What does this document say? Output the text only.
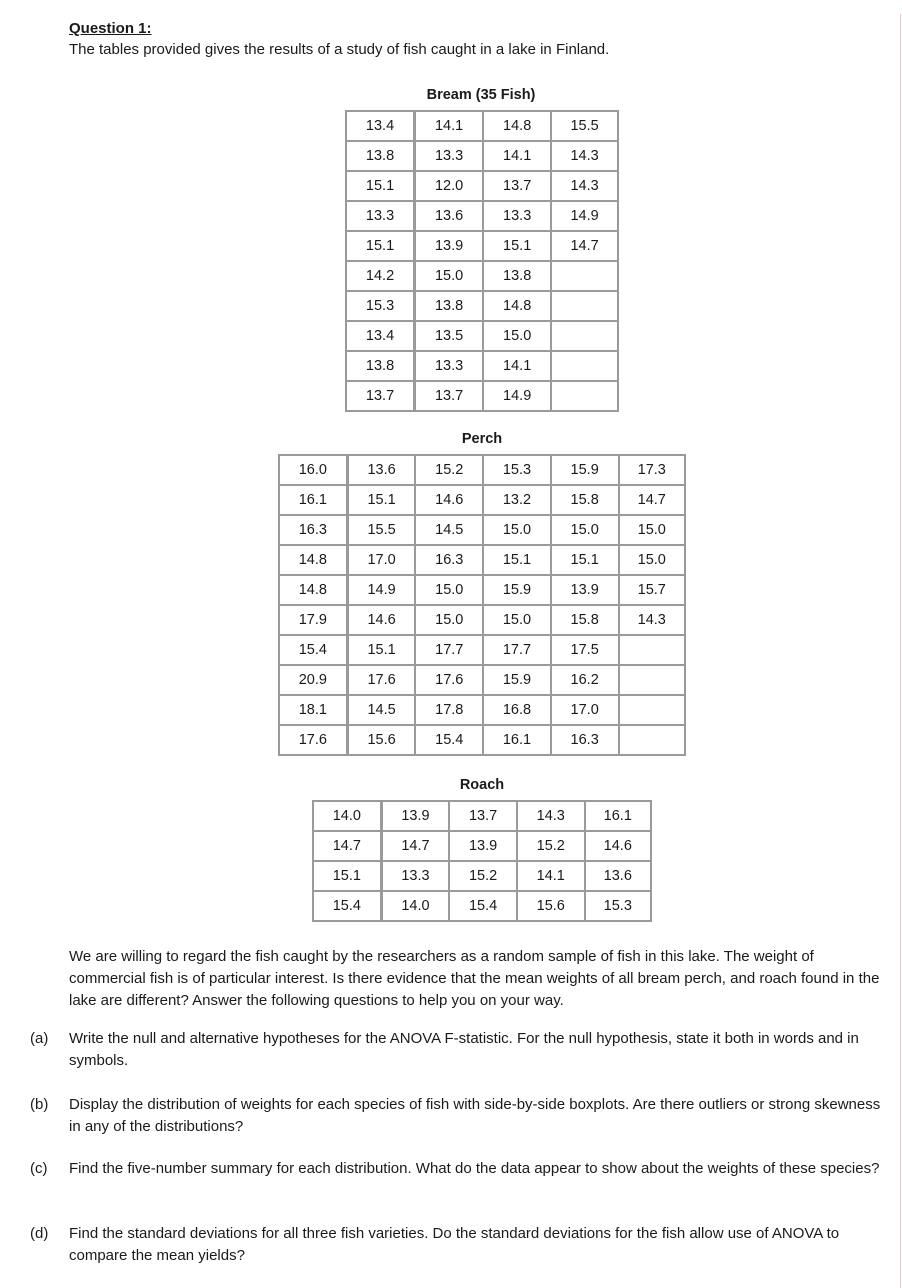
Question 1:
The tables provided gives the results of a study of fish caught in a lake in Finland.
Bream (35 Fish)
13.4	14.1	14.8	15.5
13.8	13.3	14.1	14.3
15.1	12.0	13.7	14.3
13.3	13.6	13.3	14.9
15.1	13.9	15.1	14.7
14.2	15.0	13.8	
15.3	13.8	14.8	
13.4	13.5	15.0	
13.8	13.3	14.1	
13.7	13.7	14.9	
Perch
16.0	13.6	15.2	15.3	15.9	17.3
16.1	15.1	14.6	13.2	15.8	14.7
16.3	15.5	14.5	15.0	15.0	15.0
14.8	17.0	16.3	15.1	15.1	15.0
14.8	14.9	15.0	15.9	13.9	15.7
17.9	14.6	15.0	15.0	15.8	14.3
15.4	15.1	17.7	17.7	17.5	
20.9	17.6	17.6	15.9	16.2	
18.1	14.5	17.8	16.8	17.0	
17.6	15.6	15.4	16.1	16.3	
Roach
14.0	13.9	13.7	14.3	16.1
14.7	14.7	13.9	15.2	14.6
15.1	13.3	15.2	14.1	13.6
15.4	14.0	15.4	15.6	15.3
We are willing to regard the fish caught by the researchers as a random sample of fish in this lake. The weight of commercial fish is of particular interest. Is there evidence that the mean weights of all bream perch, and roach found in the lake are different? Answer the following questions to help you on your way.
(a) Write the null and alternative hypotheses for the ANOVA F-statistic. For the null hypothesis, state it both in words and in symbols.
(b) Display the distribution of weights for each species of fish with side-by-side boxplots. Are there outliers or strong skewness in any of the distributions?
(c) Find the five-number summary for each distribution. What do the data appear to show about the weights of these species?
(d) Find the standard deviations for all three fish varieties. Do the standard deviations for the fish allow use of ANOVA to compare the mean yields?
